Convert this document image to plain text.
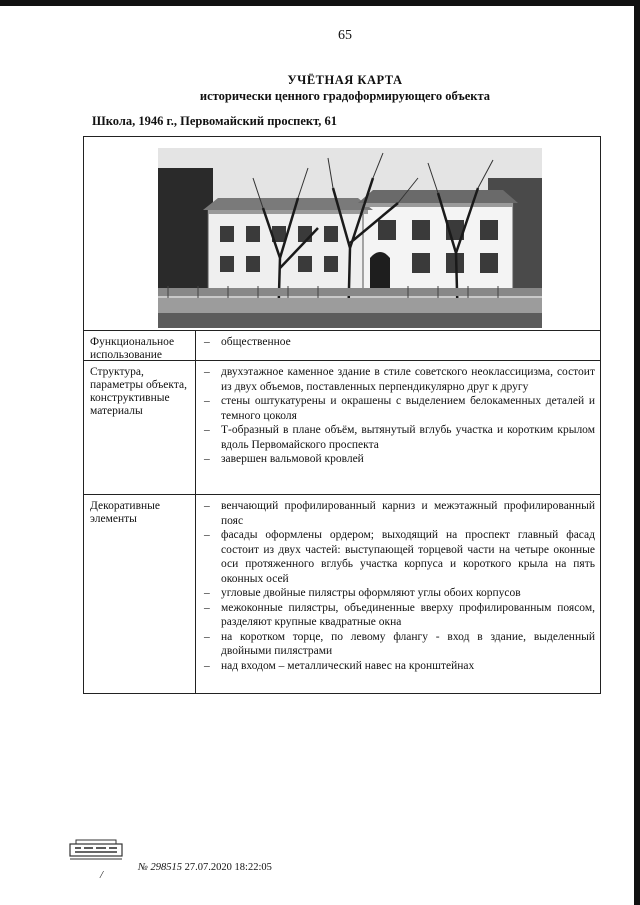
65
УЧЁТНАЯ КАРТА
исторически ценного градоформирующего объекта
Школа, 1946 г., Первомайский проспект, 61
Функциональное использование

– общественное

Структура, параметры объекта, конструктивные материалы

– двухэтажное каменное здание в стиле советского неоклассицизма, состоит из двух объемов, поставленных перпендикулярно друг к другу

– стены оштукатурены и окрашены с выделением белокаменных деталей и темного цоколя

– Т-образный в плане объём, вытянутый вглубь участка и коротким крылом вдоль Первомайского проспекта

– завершен вальмовой кровлей

Декоративные элементы

– венчающий профилированный карниз и межэтажный профилированный пояс

– фасады оформлены ордером; выходящий на проспект главный фасад состоит из двух частей: выступающей торцевой части на четыре оконные оси протяженного вглубь участка корпуса и короткого крыла на пять оконных осей

– угловые двойные пилястры оформляют углы обоих корпусов

– межоконные пилястры, объединенные вверху профилированным поясом, разделяют крупные квадратные окна

– на коротком торце, по левому флангу - вход в здание, выделенный двойными пилястрами

– над входом – металлический навес на кронштейнах

/
№ 298515 27.07.2020 18:22:05
